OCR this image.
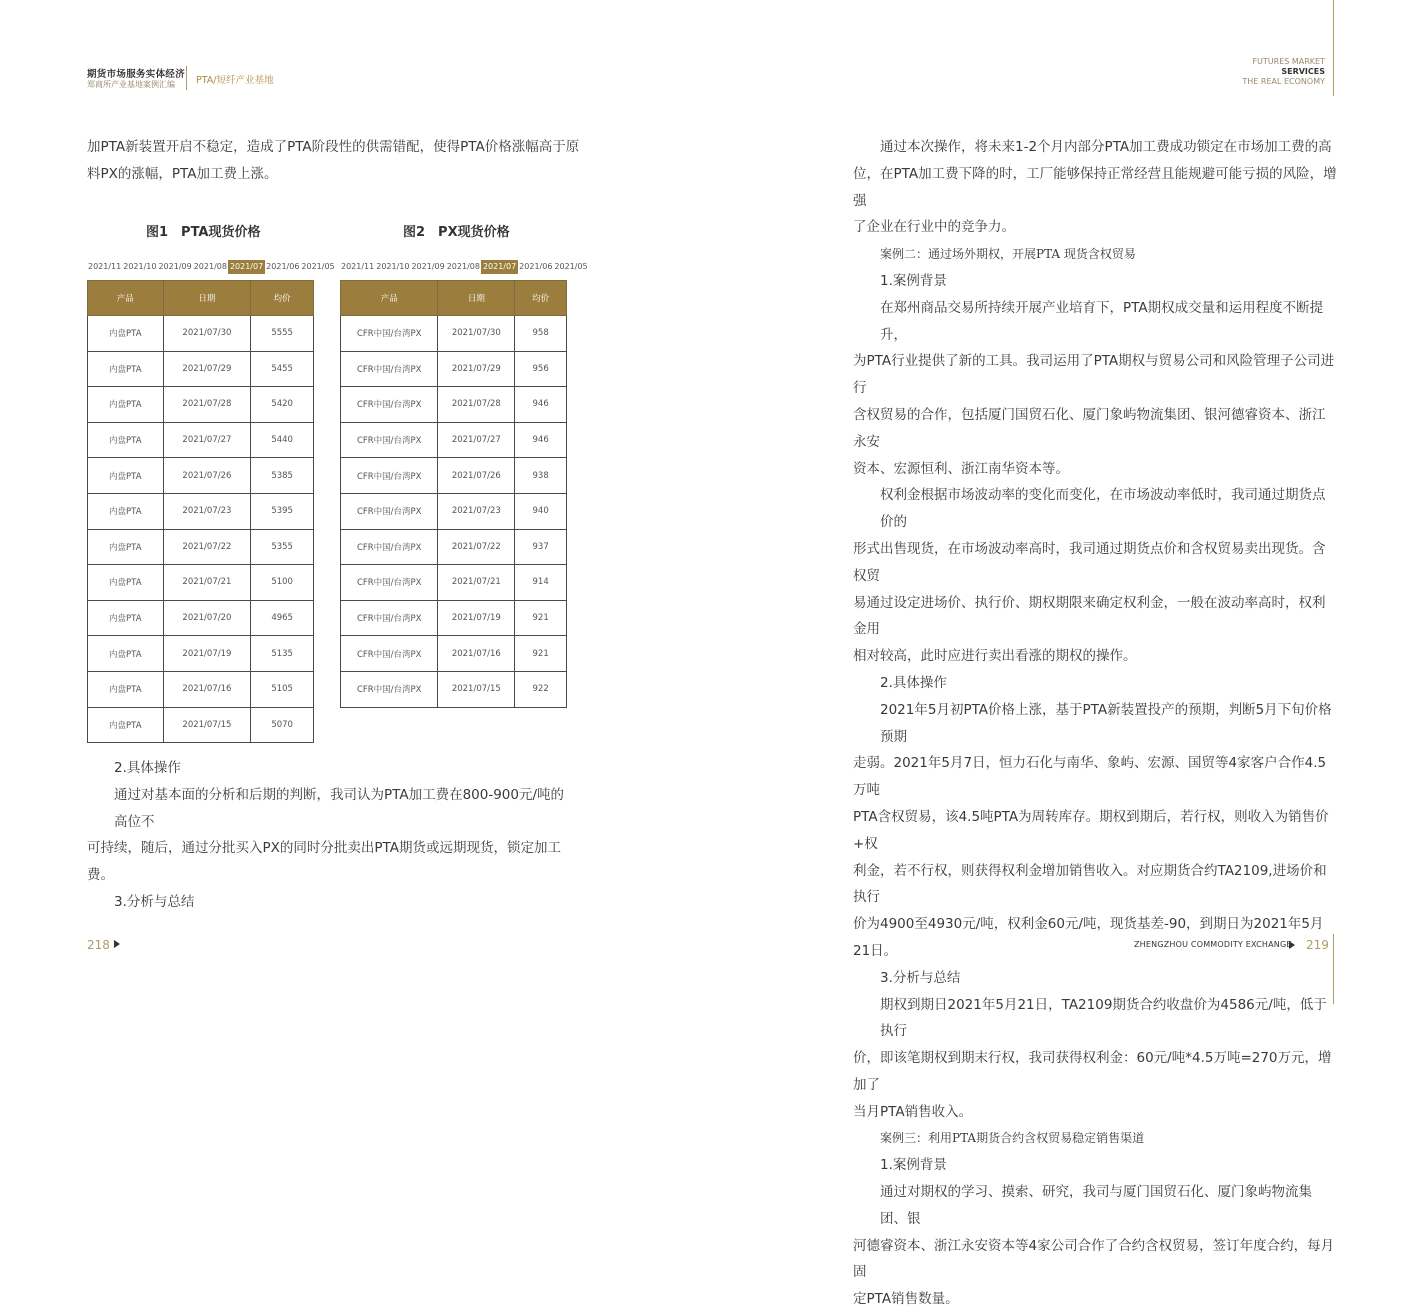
期货市场服务实体经济
郑商所产业基地案例汇编 PTA/短纤产业基地
FUTURES MARKET
SERVICES
THE REAL ECONOMY
加PTA新装置开启不稳定，造成了PTA阶段性的供需错配，使得PTA价格涨幅高于原
料PX的涨幅，PTA加工费上涨。
图1　PTA现货价格	图2　PX现货价格
2021/11 2021/10 2021/09 2021/08 2021/07 2021/06 2021/05 2021/11 2021/10 2021/09 2021/08 2021/07 2021/06 2021/05
产品	日期	均价
内盘PTA	2021/07/30	5555
内盘PTA	2021/07/29	5455
内盘PTA	2021/07/28	5420
内盘PTA	2021/07/27	5440
内盘PTA	2021/07/26	5385
内盘PTA	2021/07/23	5395
内盘PTA	2021/07/22	5355
内盘PTA	2021/07/21	5100
内盘PTA	2021/07/20	4965
内盘PTA	2021/07/19	5135
内盘PTA	2021/07/16	5105
内盘PTA	2021/07/15	5070
产品	日期	均价
CFR中国/台湾PX	2021/07/30	958
CFR中国/台湾PX	2021/07/29	956
CFR中国/台湾PX	2021/07/28	946
CFR中国/台湾PX	2021/07/27	946
CFR中国/台湾PX	2021/07/26	938
CFR中国/台湾PX	2021/07/23	940
CFR中国/台湾PX	2021/07/22	937
CFR中国/台湾PX	2021/07/21	914
CFR中国/台湾PX	2021/07/19	921
CFR中国/台湾PX	2021/07/16	921
CFR中国/台湾PX	2021/07/15	922
2.具体操作
通过对基本面的分析和后期的判断，我司认为PTA加工费在800-900元/吨的高位不
可持续，随后，通过分批买入PX的同时分批卖出PTA期货或远期现货，锁定加工费。
3.分析与总结
通过本次操作，将未来1-2个月内部分PTA加工费成功锁定在市场加工费的高
位，在PTA加工费下降的时，工厂能够保持正常经营且能规避可能亏损的风险，增强
了企业在行业中的竞争力。
案例二：通过场外期权，开展PTA 现货含权贸易
1.案例背景
在郑州商品交易所持续开展产业培育下，PTA期权成交量和运用程度不断提升，
为PTA行业提供了新的工具。我司运用了PTA期权与贸易公司和风险管理子公司进行
含权贸易的合作，包括厦门国贸石化、厦门象屿物流集团、银河德睿资本、浙江永安
资本、宏源恒利、浙江南华资本等。
权利金根据市场波动率的变化而变化，在市场波动率低时，我司通过期货点价的
形式出售现货，在市场波动率高时，我司通过期货点价和含权贸易卖出现货。含权贸
易通过设定进场价、执行价、期权期限来确定权利金，一般在波动率高时，权利金用
相对较高，此时应进行卖出看涨的期权的操作。
2.具体操作
2021年5月初PTA价格上涨，基于PTA新装置投产的预期，判断5月下旬价格预期
走弱。2021年5月7日，恒力石化与南华、象屿、宏源、国贸等4家客户合作4.5万吨
PTA含权贸易，该4.5吨PTA为周转库存。期权到期后，若行权，则收入为销售价+权
利金，若不行权，则获得权利金增加销售收入。对应期货合约TA2109,进场价和执行
价为4900至4930元/吨，权利金60元/吨，现货基差-90，到期日为2021年5月21日。
3.分析与总结
期权到期日2021年5月21日，TA2109期货合约收盘价为4586元/吨，低于执行
价，即该笔期权到期末行权，我司获得权利金：60元/吨*4.5万吨=270万元，增加了
当月PTA销售收入。
案例三：利用PTA期货合约含权贸易稳定销售渠道
1.案例背景
通过对期权的学习、摸索、研究，我司与厦门国贸石化、厦门象屿物流集团、银
河德睿资本、浙江永安资本等4家公司合作了合约含权贸易，签订年度合约，每月固
定PTA销售数量。
218	ZHENGZHOU COMMODITY EXCHANGE 219
